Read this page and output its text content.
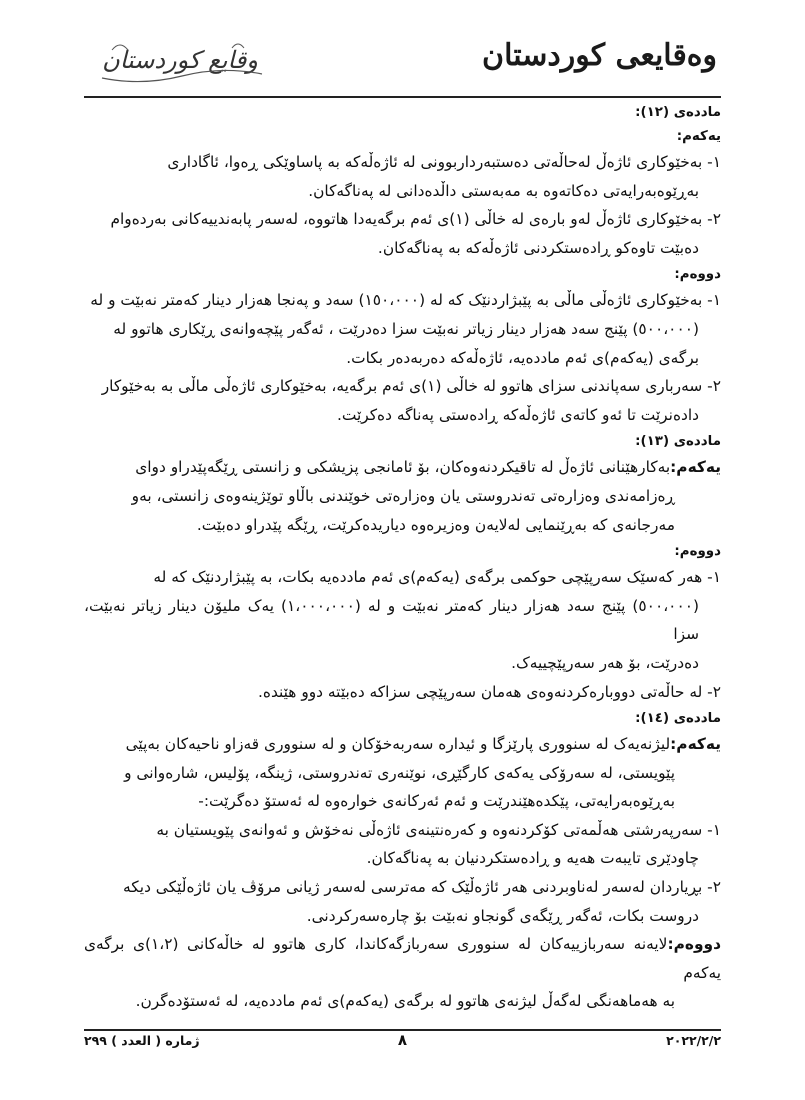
وەقایعی کوردستان
وقایع کوردستان
ماددەی (١٢):
یەکەم:
١- بەخێوکاری ئاژەڵ لەحاڵەتی دەستبەرداربوونی لە ئاژەڵەکە بە پاساوێکی ڕەوا، ئاگاداری
بەڕێوەبەرایەتی دەکاتەوە بە مەبەستی داڵدەدانی لە پەناگەکان.
٢- بەخێوکاری ئاژەڵ لەو بارەی لە خاڵی (١)ی ئەم برگەیەدا هاتووە، لەسەر پابەندییەکانی بەردەوام
دەبێت تاوەکو ڕادەستکردنی ئاژەڵەکە بە پەناگەکان.
دووەم:
١- بەخێوکاری ئاژەڵی ماڵی بە پێبژاردنێک کە لە (١٥٠،٠٠٠) سەد و پەنجا هەزار دینار کەمتر نەبێت و لە
(٥٠٠،٠٠٠) پێنج سەد هەزار دینار زیاتر نەبێت سزا دەدرێت ، ئەگەر پێچەوانەی ڕێکاری هاتوو لە
برگەی (یەکەم)ی ئەم ماددەیە، ئاژەڵەکە دەربەدەر بکات.
٢- سەرباری سەپاندنی سزای هاتوو لە خاڵی (١)ی ئەم برگەیە، بەخێوکاری ئاژەڵی ماڵی بە بەخێوکار
دادەنرێت تا ئەو کاتەی ئاژەڵەکە ڕادەستی پەناگە دەکرێت.
ماددەی (١٣):
یەکەم:بەکارهێنانی ئاژەڵ لە تاقیکردنەوەکان، بۆ ئامانجی پزیشکی و زانستی ڕێگەپێدراو دوای
ڕەزامەندی وەزارەتی تەندروستی یان وەزارەتی خوێندنی باڵاو توێژینەوەی زانستی، بەو
مەرجانەی کە بەڕێنمایی لەلایەن وەزیرەوە دیاریدەکرێت، ڕێگە پێدراو دەبێت.
دووەم:
١- هەر کەسێک سەرپێچی حوکمی برگەی (یەکەم)ی ئەم ماددەیە بکات، بە پێبژاردنێک کە لە
(٥٠٠،٠٠٠) پێنج سەد هەزار دینار کەمتر نەبێت و لە (١،٠٠٠،٠٠٠) یەک ملیۆن دینار زیاتر نەبێت، سزا
دەدرێت، بۆ هەر سەرپێچییەک.
٢- لە حاڵەتی دووبارەکردنەوەی هەمان سەرپێچی سزاکە دەبێتە دوو هێندە.
ماددەی (١٤):
یەکەم:لیژنەیەک لە سنووری پارێزگا و ئیدارە سەربەخۆکان و لە سنووری قەزاو ناحیەکان بەپێی
پێویستی، لە سەرۆکی یەکەی کارگێڕی، نوێنەری تەندروستی، ژینگە، پۆلیس، شارەوانی و
بەڕێوەبەرایەتی، پێکدەهێندرێت و ئەم ئەرکانەی خوارەوە لە ئەستۆ دەگرێت:-
١- سەرپەرشتی هەڵمەتی کۆکردنەوە و کەرەنتینەی ئاژەڵی نەخۆش و ئەوانەی پێویستیان بە
چاودێری تایبەت هەیە و ڕادەستکردنیان بە پەناگەکان.
٢- بڕیاردان لەسەر لەناوبردنی هەر ئاژەڵێک کە مەترسی لەسەر ژیانی مرۆڤ یان ئاژەڵێکی دیکە
دروست بکات، ئەگەر ڕێگەی گونجاو نەبێت بۆ چارەسەرکردنی.
دووەم:لایەنە سەربازییەکان لە سنووری سەربازگەکاندا، کاری هاتوو لە خاڵەکانی (١،٢)ی برگەی یەکەم
بە هەماهەنگی لەگەڵ لیژنەی هاتوو لە برگەی (یەکەم)ی ئەم ماددەیە، لە ئەستۆدەگرن.
٢٠٢٢/٢/٢
٨
ژمارە ( العدد ) ٢٩٩
